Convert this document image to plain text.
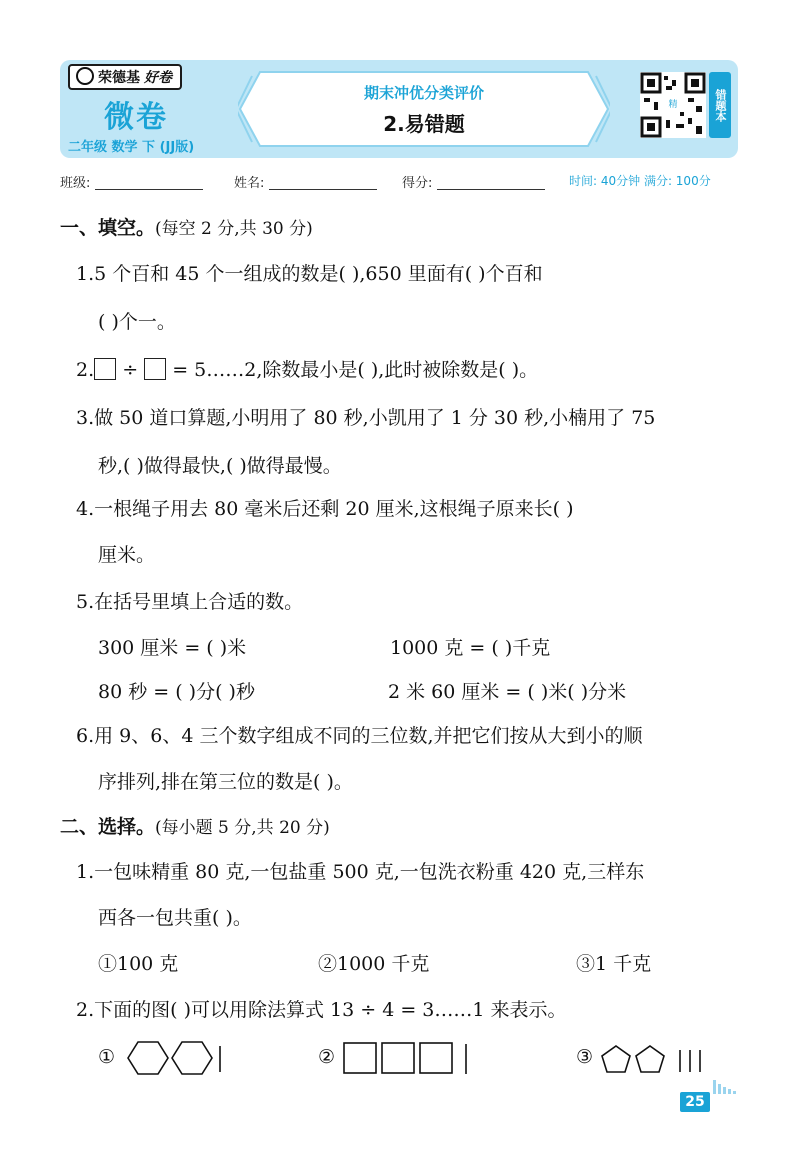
荣德基 好卷
微卷
二年级 数学 下 (JJ版)
期末冲优分类评价
2.易错题
精	错题本
班级:	姓名:	得分:	时间: 40分钟 满分: 100分
一、填空。(每空 2 分,共 30 分)
1.5 个百和 45 个一组成的数是( ),650 里面有( )个百和
( )个一。
2. ÷ = 5……2,除数最小是( ),此时被除数是( )。
3.做 50 道口算题,小明用了 80 秒,小凯用了 1 分 30 秒,小楠用了 75
秒,( )做得最快,( )做得最慢。
4.一根绳子用去 80 毫米后还剩 20 厘米,这根绳子原来长( )
厘米。
5.在括号里填上合适的数。
300 厘米 = ( )米	1000 克 = ( )千克
80 秒 = ( )分( )秒	2 米 60 厘米 = ( )米( )分米
6.用 9、6、4 三个数字组成不同的三位数,并把它们按从大到小的顺
序排列,排在第三位的数是( )。
二、选择。(每小题 5 分,共 20 分)
1.一包味精重 80 克,一包盐重 500 克,一包洗衣粉重 420 克,三样东
西各一包共重( )。
①100 克	②1000 千克	③1 千克
2.下面的图( )可以用除法算式 13 ÷ 4 = 3……1 来表示。
①	②	③
25
